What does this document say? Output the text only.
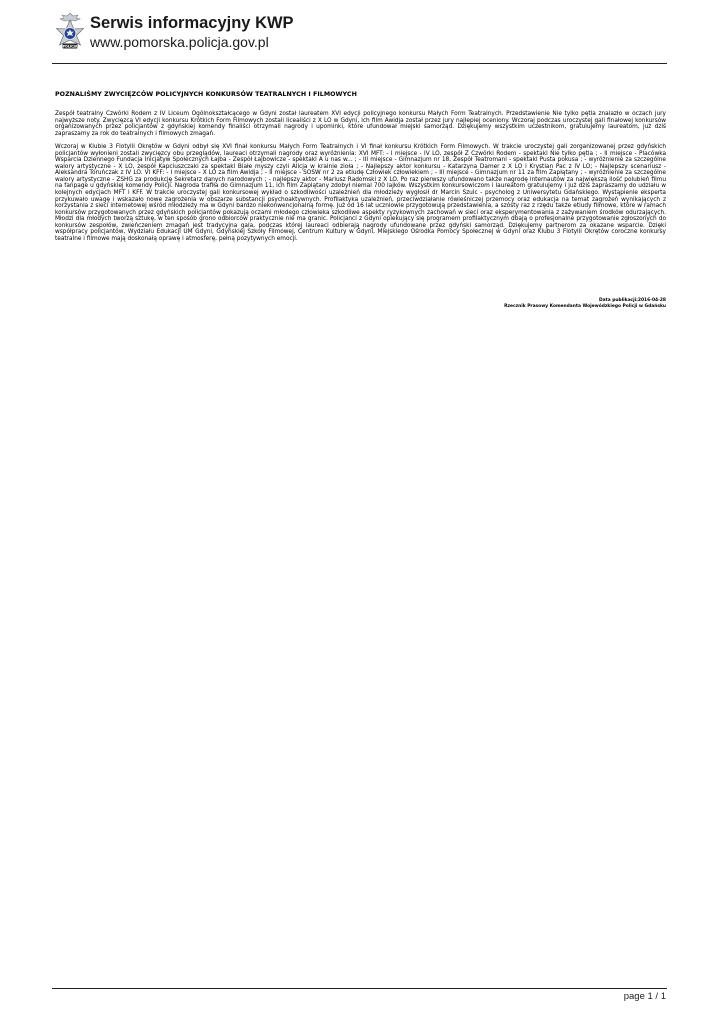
POLICJA
Serwis informacyjny KWP
www.pomorska.policja.gov.pl
POZNALIŚMY ZWYCIĘZCÓW POLICYJNYCH KONKURSÓW TEATRALNYCH I FILMOWYCH

Zespół teatralny Czwórki Rodem z IV Liceum Ogólnokształcącego w Gdyni został laureatem XVI edycji policyjnego konkursu Małych Form Teatralnych. Przedstawienie Nie tylko pętla znalazło w oczach jury najwyższe noty. Zwycięzcą VI edycji konkursu Krótkich Form Filmowych zostali licealiści z X LO w Gdyni, ich film Awidja został przez jury najlepiej oceniony. Wczoraj podczas uroczystej gali finałowej konkursów organizowanych przez policjantów z gdyńskiej komendy finaliści otrzymali nagrody i upominki, które ufundował miejski samorząd. Dziękujemy wszystkim uczestnikom, gratulujemy laureatom, już dziś zapraszamy za rok do teatralnych i filmowych zmagań.

Wczoraj w Klubie 3 Flotylli Okrętów w Gdyni odbył się XVI finał konkursu Małych Form Teatralnych i VI finał konkursu Krótkich Form Filmowych. W trakcie uroczystej gali zorganizowanej przez gdyńskich policjantów wyłonieni zostali zwycięzcy obu przeglądów, laureaci otrzymali nagrody oraz wyróżnienia: XVI MFT: - I miejsce - IV LO, zespół Z Czwórki Rodem - spektakl Nie tylko pętla ; - II miejsce - Placówka Wsparcia Dziennego Fundacja Inicjatyw Społecznych Łajba - Zespół Łajbowicze - spektakl A u nas w... ; - III miejsce - Gimnazjum nr 18, Zespół Teatromani - spektakl Pusta pokusa ; - wyróżnienie za szczególne walory artystyczne - X LO, zespół Kapciuszczaki za spektakl Białe myszy czyli Alicja w krainie zioła ; - Najlepszy aktor konkursu - Katarzyna Damer z X LO i Krystian Pac z IV LO; - Najlepszy scenariusz - Aleksandra Toruńczak z IV LO. VI KFF: - I miejsce - X LO za film Awidja ; - II miejsce - SOSW nr 2 za etiudę Człowiek człowiekiem ; - III miejsce - Gimnazjum nr 11 za film Zapłątany ; - wyróżnienie za szczególne walory artystyczne - ZSHG za produkcję Sekretarz danych narodowych ; - najlepszy aktor - Mariusz Radomski z X LO. Po raz pierwszy ufundowano także nagrodę internautów za największą ilość polubień filmu na fanpage u gdyńskiej komendy Policji. Nagroda trafiła do Gimnazjum 11, ich film Zaplątany zdobył niemal 700 lajków. Wszystkim konkursowiczom i laureatom gratulujemy i już dziś zapraszamy do udziału w kolejnych edycjach MFT i KFF. W trakcie uroczystej gali konkursowej wykład o szkodliwości uzależnień dla młodzieży wygłosił dr Marcin Szulc - psycholog z Uniwersytetu Gdańskiego. Wystąpienie eksperta przykuwało uwagę i wskazało nowe zagrożenia w obszarze substancji psychoaktywnych. Profilaktyka uzależnień, przeciwdziałanie rówieśniczej przemocy oraz edukacja na temat zagrożeń wynikających z korzystania z sieci internetowej wśród młodzieży ma w Gdyni bardzo niekonwencjonalną formę. Już od 16 lat uczniowie przygotowują przedstawienia, a szósty raz z rzędu także etiudy filmowe, które w ramach konkursów przygotowanych przez gdyńskich policjantów pokazują oczami młodego człowieka szkodliwe aspekty ryzykownych zachowań w sieci oraz eksperymentowania z zażywaniem środków odurzających. Młodzi dla młodych tworzą sztukę, w ten sposób grono odbiorców praktycznie nie ma granic. Policjanci z Gdyni opiekujący się programem profilaktycznym dbają o profesjonalne przygotowanie zgłoszonych do konkursów zespołów, zwieńczeniem zmagań jest tradycyjna gala, podczas której laureaci odbierają nagrody ufundowane przez gdyński samorząd. Dziękujemy partnerom za okazane wsparcie. Dzięki współpracy policjantów, Wydziału Edukacji UM Gdyni, Gdyńskiej Szkoły Filmowej, Centrum Kultury w Gdyni, Miejskiego Ośrodka Pomocy Społecznej w Gdyni oraz Klubu 3 Flotylli Okrętów coroczne konkursy teatralne i filmowe mają doskonałą oprawę i atmosferę, pełną pozytywnych emocji.

Data publikacji:2016-04-28
Rzecznik Prasowy Komendanta Wojewódzkiego Policji w Gdańsku
page 1 / 1
